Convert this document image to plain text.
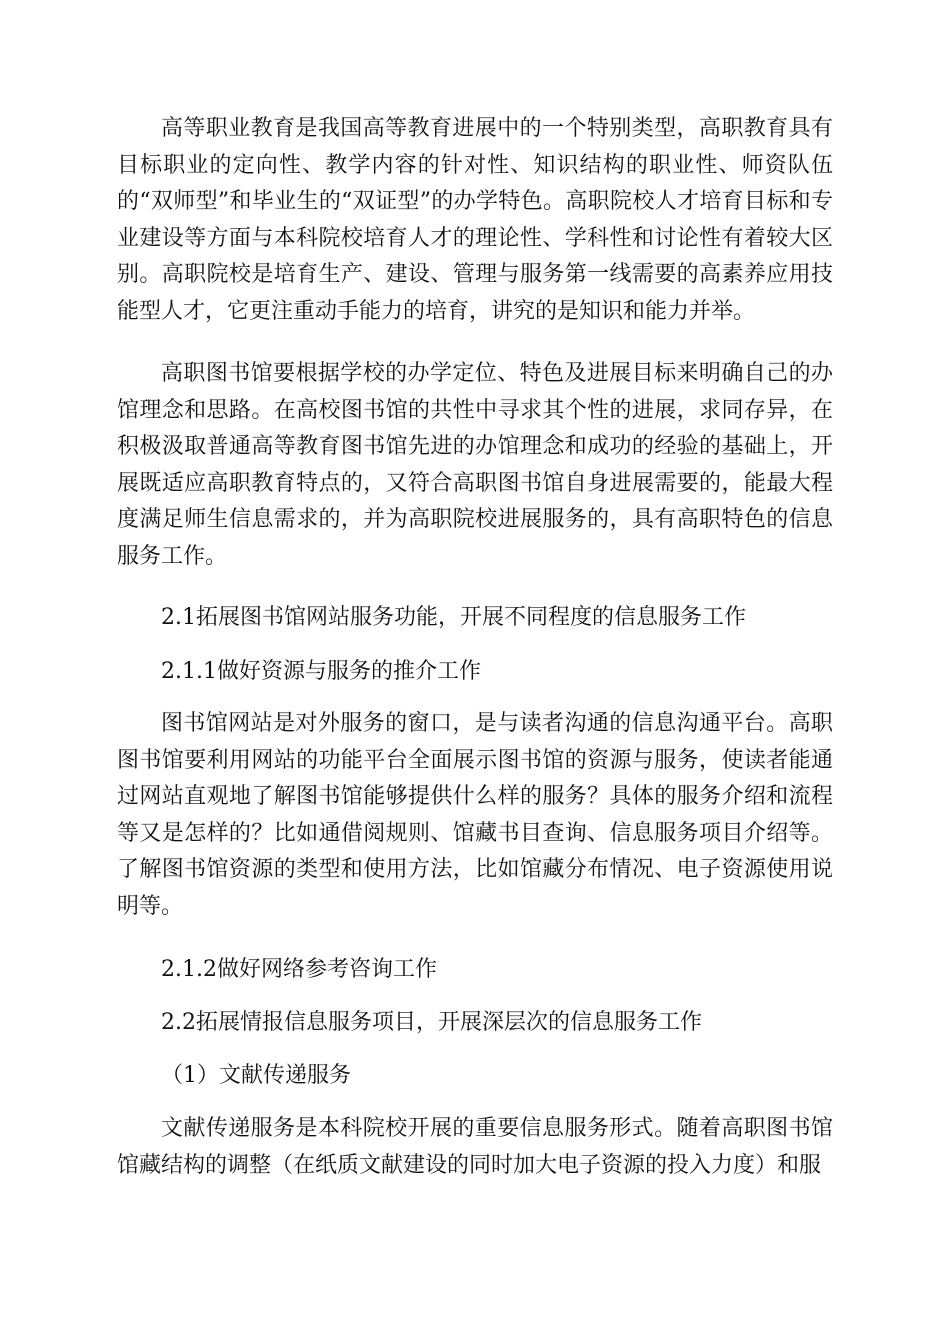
高等职业教育是我国高等教育进展中的一个特别类型，高职教育具有目标职业的定向性、教学内容的针对性、知识结构的职业性、师资队伍的“双师型”和毕业生的“双证型”的办学特色。高职院校人才培育目标和专业建设等方面与本科院校培育人才的理论性、学科性和讨论性有着较大区别。高职院校是培育生产、建设、管理与服务第一线需要的高素养应用技能型人才，它更注重动手能力的培育，讲究的是知识和能力并举。

高职图书馆要根据学校的办学定位、特色及进展目标来明确自己的办馆理念和思路。在高校图书馆的共性中寻求其个性的进展，求同存异，在积极汲取普通高等教育图书馆先进的办馆理念和成功的经验的基础上，开展既适应高职教育特点的，又符合高职图书馆自身进展需要的，能最大程度满足师生信息需求的，并为高职院校进展服务的，具有高职特色的信息服务工作。

2.1拓展图书馆网站服务功能，开展不同程度的信息服务工作

2.1.1做好资源与服务的推介工作

图书馆网站是对外服务的窗口，是与读者沟通的信息沟通平台。高职图书馆要利用网站的功能平台全面展示图书馆的资源与服务，使读者能通过网站直观地了解图书馆能够提供什么样的服务？具体的服务介绍和流程等又是怎样的？比如通借阅规则、馆藏书目查询、信息服务项目介绍等。了解图书馆资源的类型和使用方法，比如馆藏分布情况、电子资源使用说明等。

2.1.2做好网络参考咨询工作

2.2拓展情报信息服务项目，开展深层次的信息服务工作

（1）文献传递服务

文献传递服务是本科院校开展的重要信息服务形式。随着高职图书馆馆藏结构的调整（在纸质文献建设的同时加大电子资源的投入力度）和服
